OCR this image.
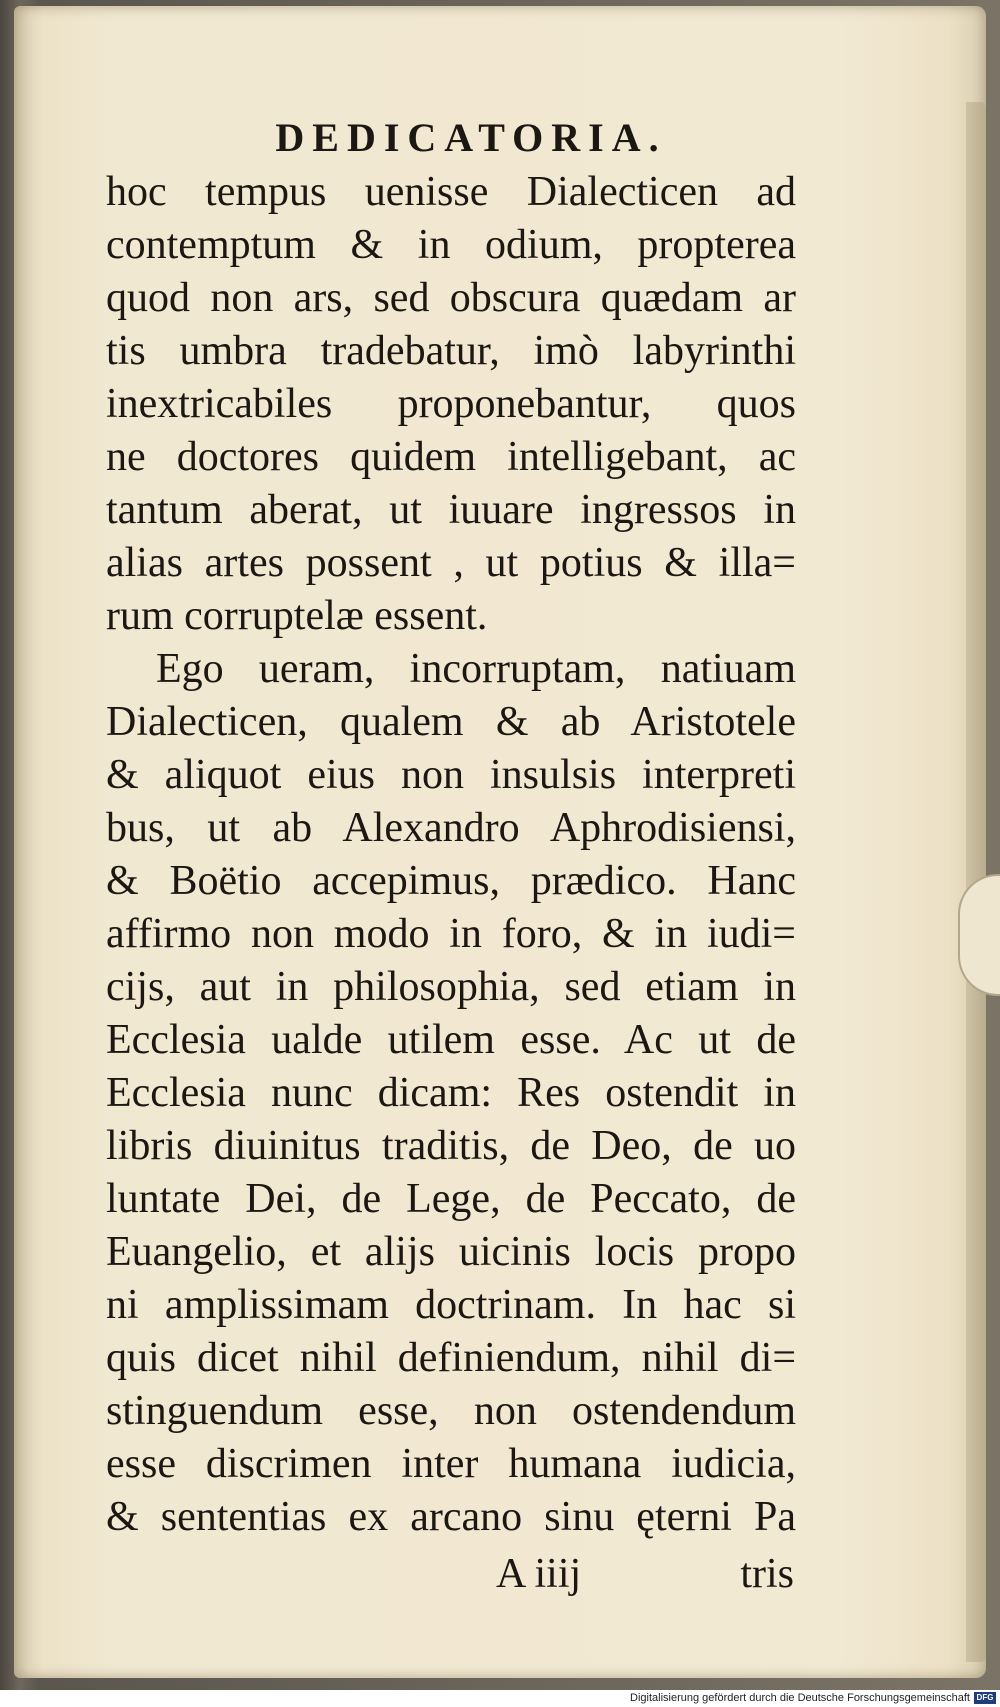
DEDICATORIA.
hoc tempus uenisse Dialecticen ad
contemptum & in odium, propterea
quod non ars, sed obscura quædam ar
tis umbra tradebatur, imò labyrinthi
inextricabiles proponebantur, quos
ne doctores quidem intelligebant, ac
tantum aberat, ut iuuare ingressos in
alias artes possent , ut potius & illa=
rum corruptelæ essent.
Ego ueram, incorruptam, natiuam
Dialecticen, qualem & ab Aristotele
& aliquot eius non insulsis interpreti
bus, ut ab Alexandro Aphrodisiensi,
& Boëtio accepimus, prædico. Hanc
affirmo non modo in foro, & in iudi=
cijs, aut in philosophia, sed etiam in
Ecclesia ualde utilem esse. Ac ut de
Ecclesia nunc dicam: Res ostendit in
libris diuinitus traditis, de Deo, de uo
luntate Dei, de Lege, de Peccato, de
Euangelio, et alijs uicinis locis propo
ni amplissimam doctrinam. In hac si
quis dicet nihil definiendum, nihil di=
stinguendum esse, non ostendendum
esse discrimen inter humana iudicia,
& sententias ex arcano sinu ęterni Pa
A iiij	tris
Digitalisierung gefördert durch die Deutsche Forschungsgemeinschaft DFG
